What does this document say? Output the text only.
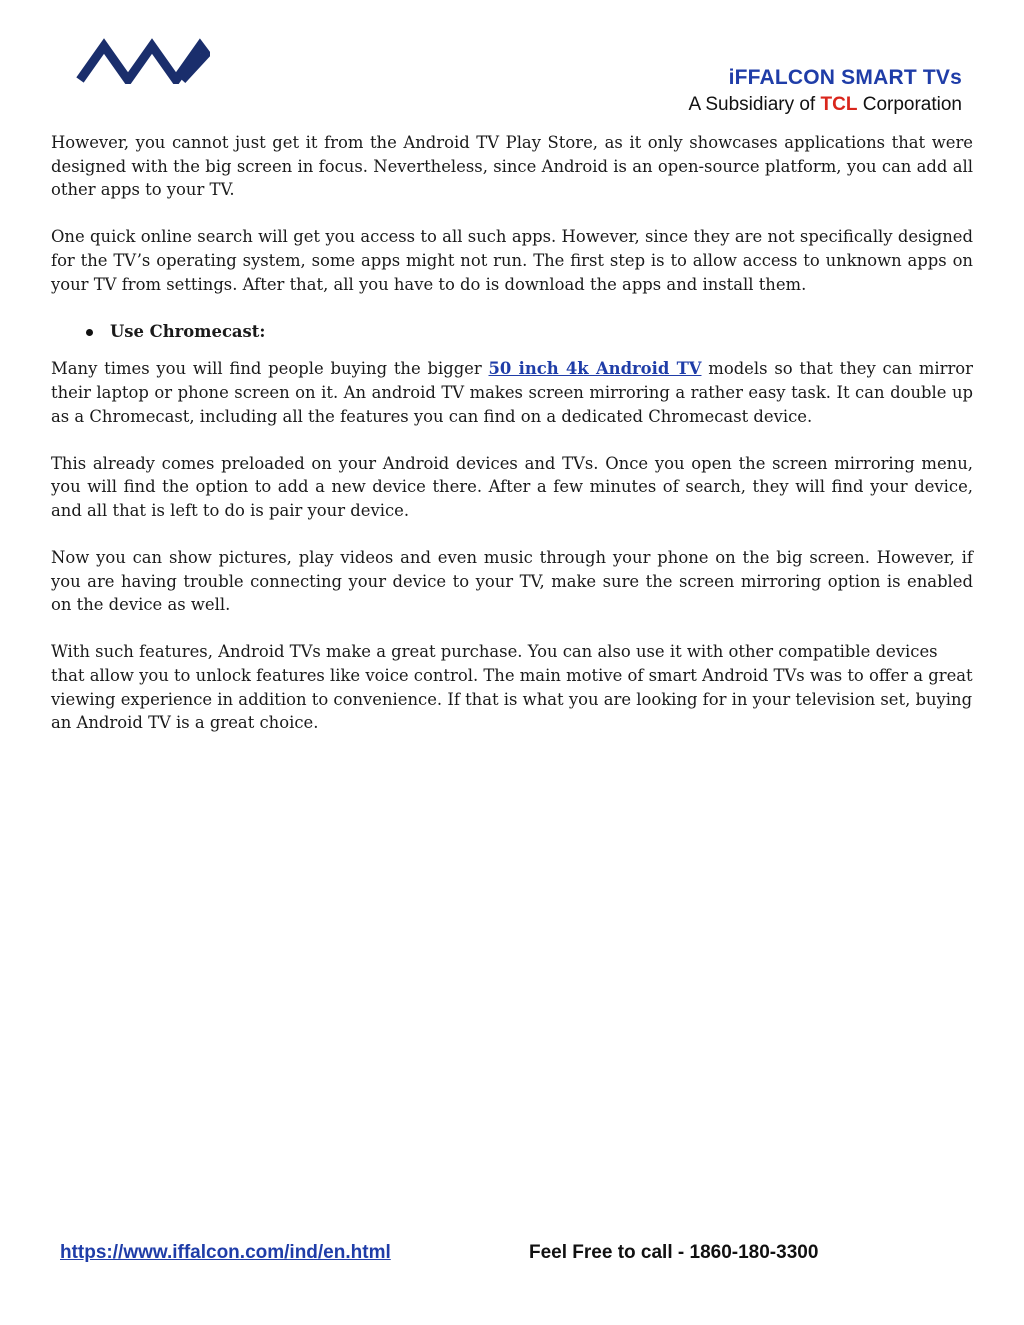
iFFALCON SMART TVs
A Subsidiary of TCL Corporation

However, you cannot just get it from the Android TV Play Store, as it only showcases applications that were designed with the big screen in focus. Nevertheless, since Android is an open-source platform, you can add all other apps to your TV.

One quick online search will get you access to all such apps. However, since they are not specifically designed for the TV’s operating system, some apps might not run. The first step is to allow access to unknown apps on your TV from settings. After that, all you have to do is download the apps and install them.

Use Chromecast:

Many times you will find people buying the bigger 50 inch 4k Android TV models so that they can mirror their laptop or phone screen on it. An android TV makes screen mirroring a rather easy task. It can double up as a Chromecast, including all the features you can find on a dedicated Chromecast device.

This already comes preloaded on your Android devices and TVs. Once you open the screen mirroring menu, you will find the option to add a new device there. After a few minutes of search, they will find your device, and all that is left to do is pair your device.

Now you can show pictures, play videos and even music through your phone on the big screen. However, if you are having trouble connecting your device to your TV, make sure the screen mirroring option is enabled on the device as well.

With such features, Android TVs make a great purchase. You can also use it with other compatible devices that allow you to unlock features like voice control. The main motive of smart Android TVs was to offer a great viewing experience in addition to convenience. If that is what you are looking for in your television set, buying an Android TV is a great choice.

https://www.iffalcon.com/ind/en.html	Feel Free to call - 1860-180-3300
